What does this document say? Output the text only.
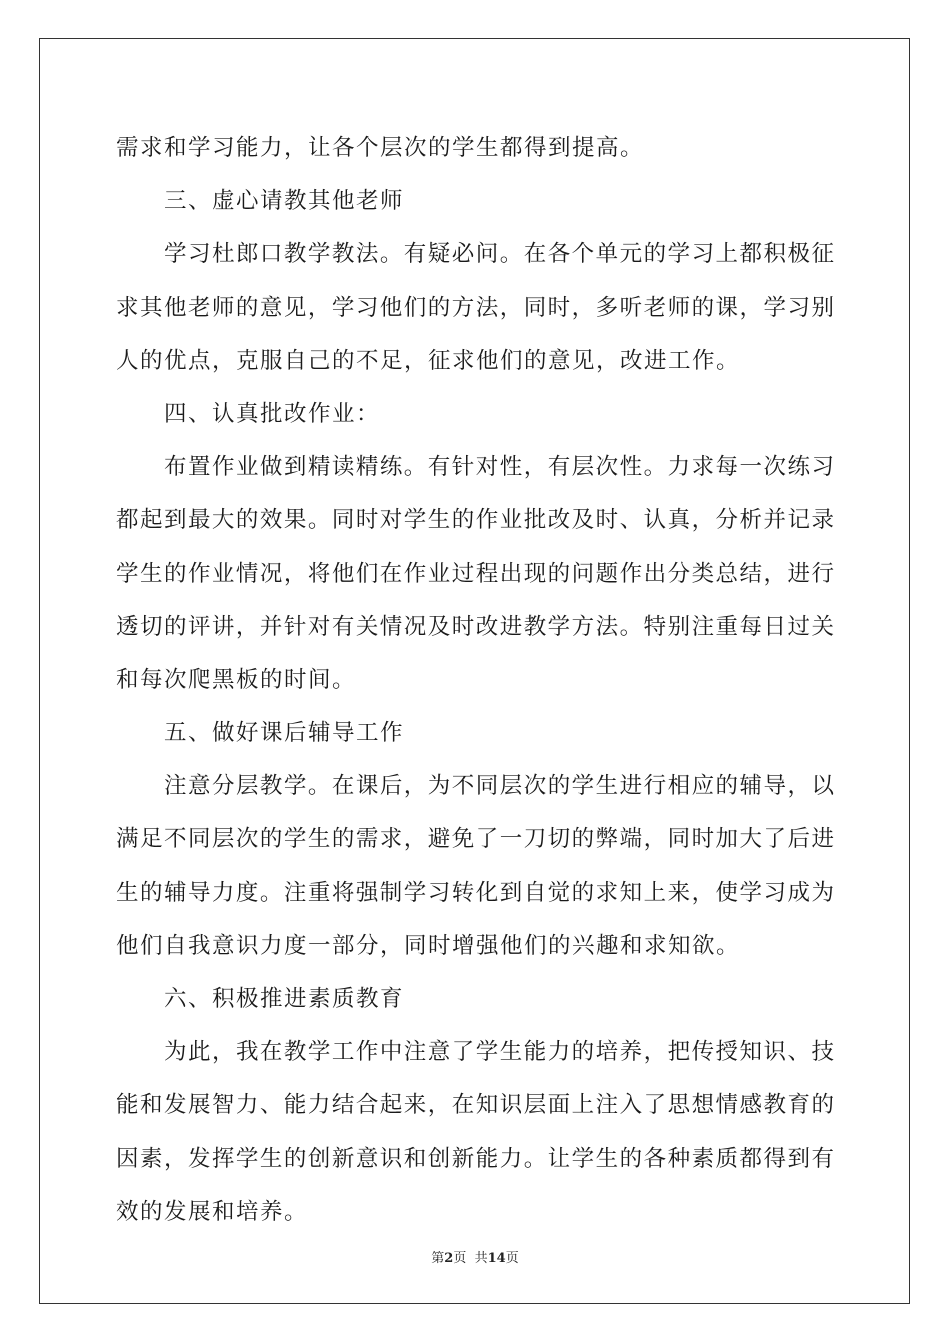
需求和学习能力，让各个层次的学生都得到提高。
三、虚心请教其他老师
学习杜郎口教学教法。有疑必问。在各个单元的学习上都积极征
求其他老师的意见，学习他们的方法，同时，多听老师的课，学习别
人的优点，克服自己的不足，征求他们的意见，改进工作。
四、认真批改作业：
布置作业做到精读精练。有针对性，有层次性。力求每一次练习
都起到最大的效果。同时对学生的作业批改及时、认真，分析并记录
学生的作业情况，将他们在作业过程出现的问题作出分类总结，进行
透切的评讲，并针对有关情况及时改进教学方法。特别注重每日过关
和每次爬黑板的时间。
五、做好课后辅导工作
注意分层教学。在课后，为不同层次的学生进行相应的辅导，以
满足不同层次的学生的需求，避免了一刀切的弊端，同时加大了后进
生的辅导力度。注重将强制学习转化到自觉的求知上来，使学习成为
他们自我意识力度一部分，同时增强他们的兴趣和求知欲。
六、积极推进素质教育
为此，我在教学工作中注意了学生能力的培养，把传授知识、技
能和发展智力、能力结合起来，在知识层面上注入了思想情感教育的
因素，发挥学生的创新意识和创新能力。让学生的各种素质都得到有
效的发展和培养。
第2页  共14页
